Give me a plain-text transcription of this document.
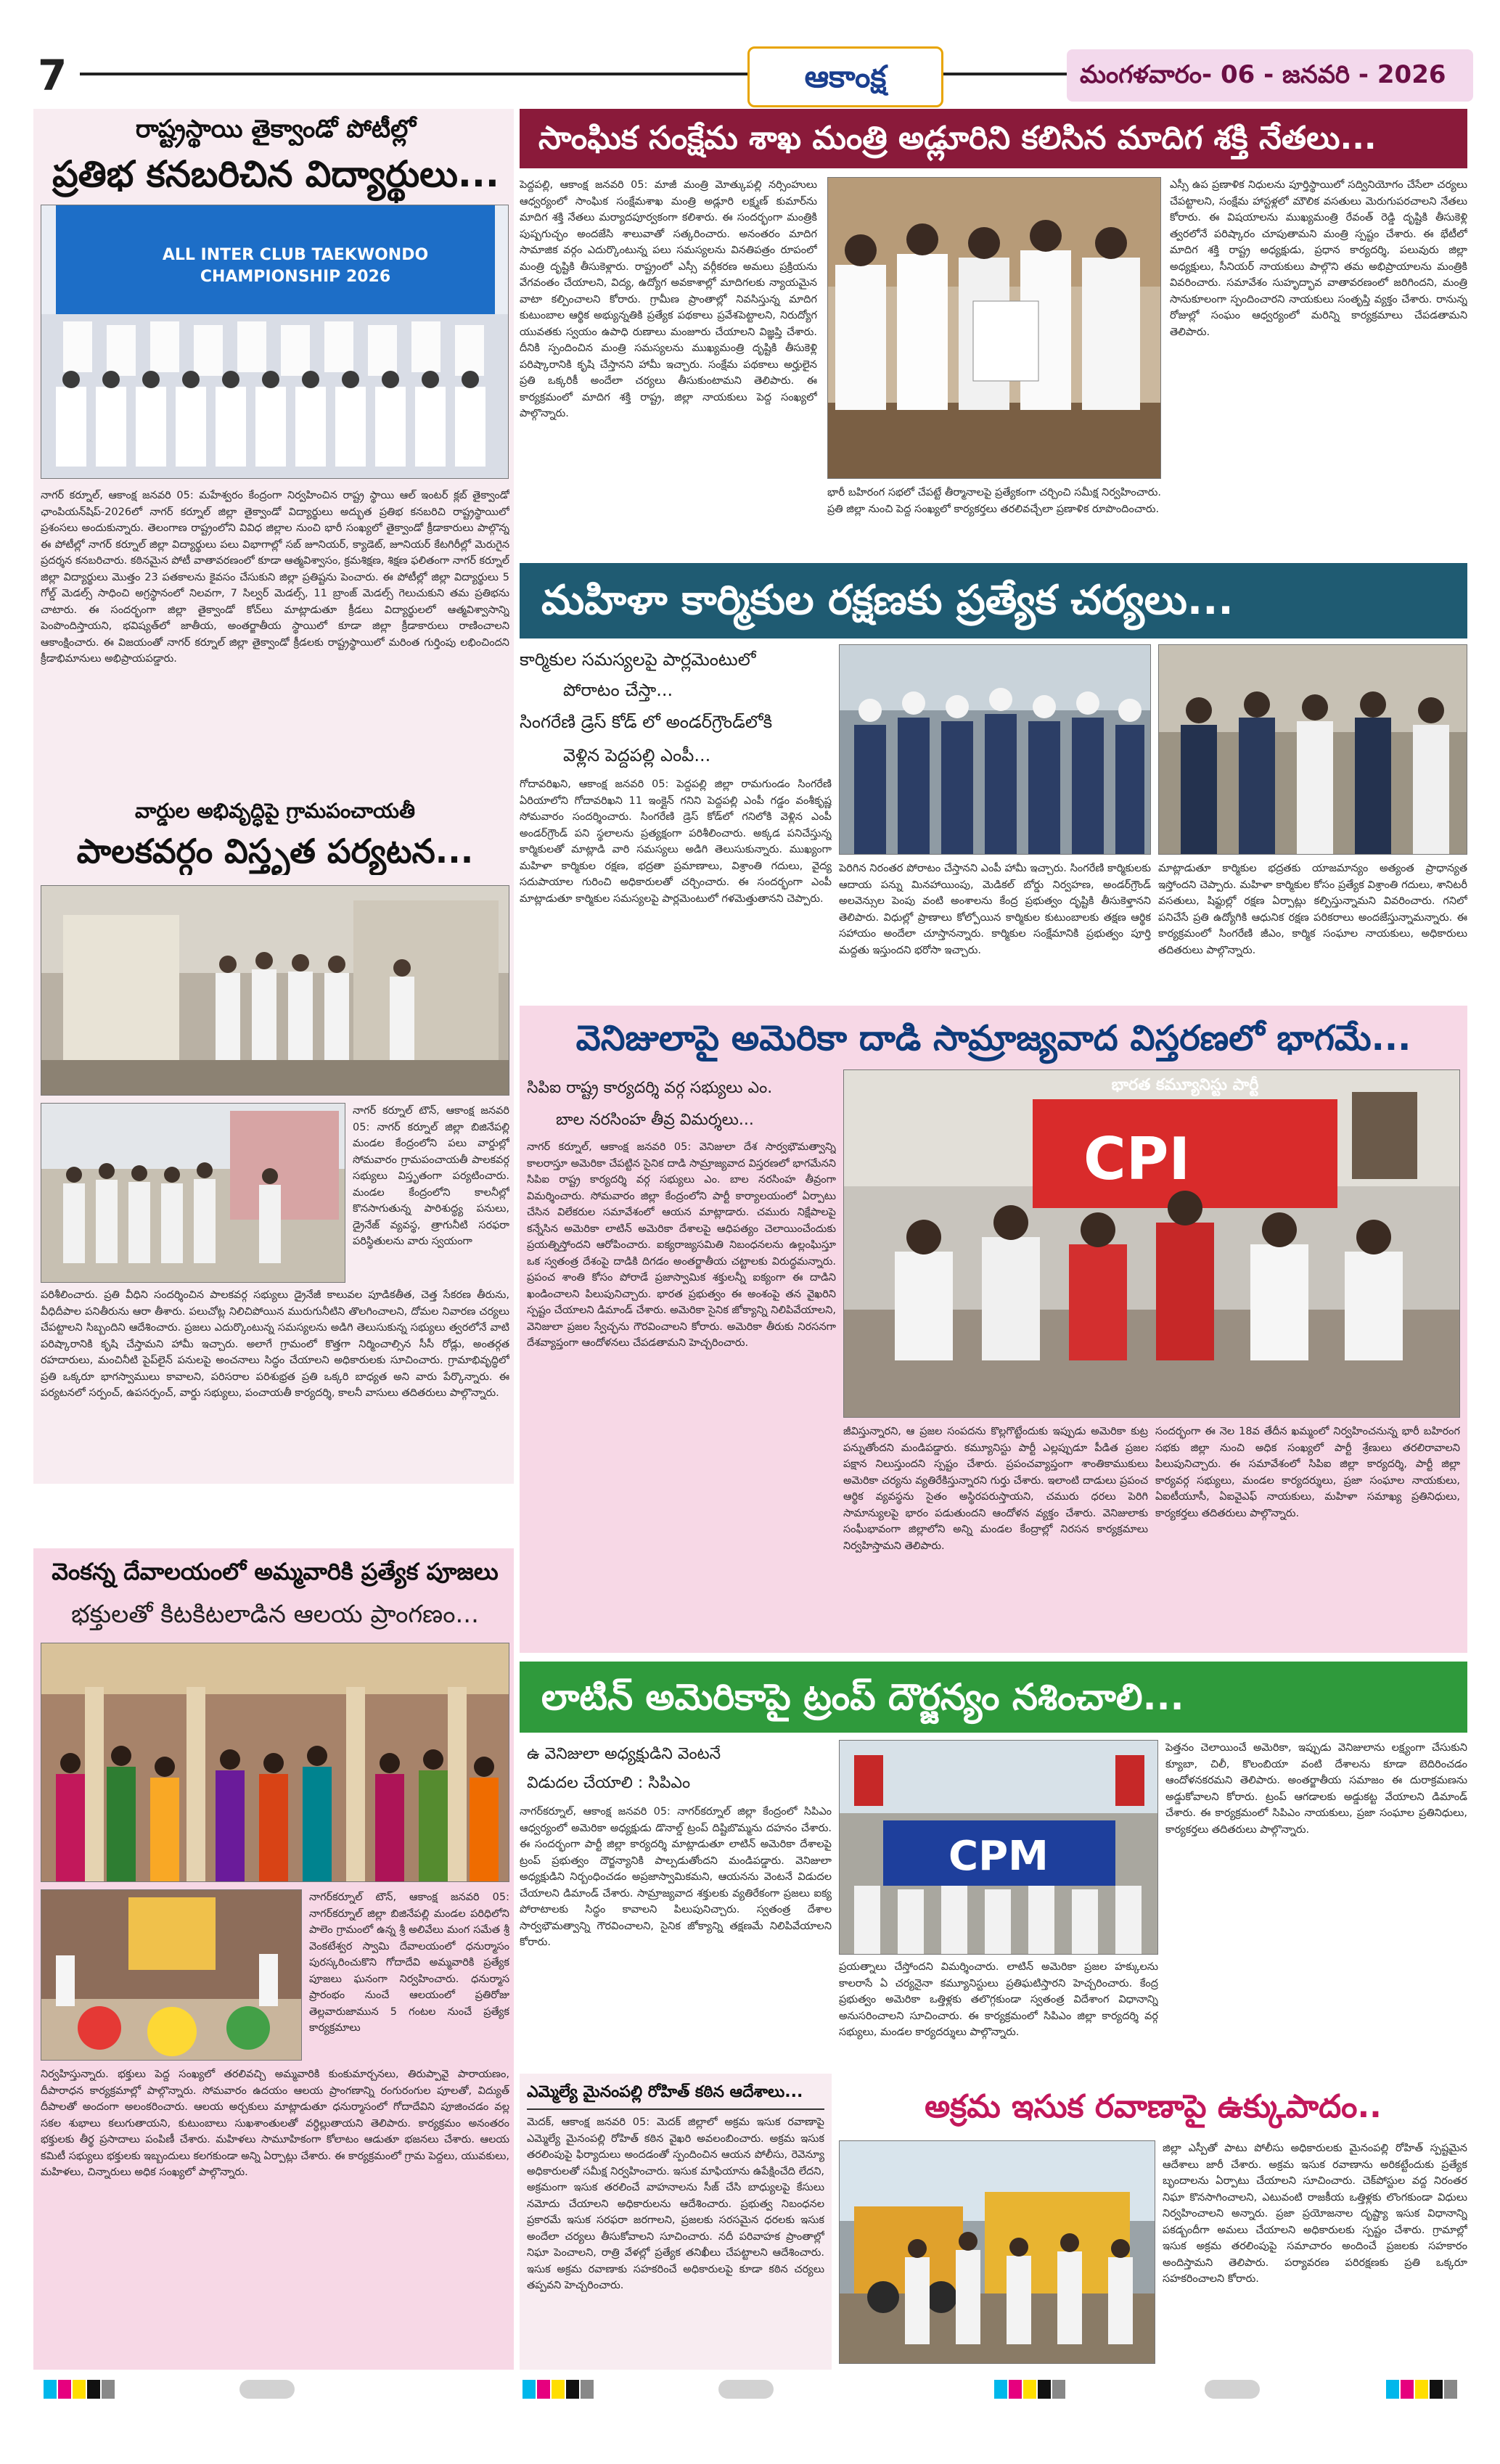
7	ఆకాంక్ష	మంగళవారం- 06 - జనవరి - 2026
రాష్ట్రస్థాయి తైక్వాండో పోటీల్లో
ప్రతిభ కనబరిచిన విద్యార్థులు...
ALL INTER CLUB TAEKWONDO CHAMPIONSHIP 2026
నాగర్ కర్నూల్, ఆకాంక్ష జనవరి 05: మహేశ్వరం కేంద్రంగా నిర్వహించిన రాష్ట్ర స్థాయి ఆల్ ఇంటర్ క్లబ్ తైక్వాండో ఛాంపియన్‌షిప్-2026లో నాగర్ కర్నూల్ జిల్లా తైక్వాండో విద్యార్థులు అద్భుత ప్రతిభ కనబరిచి రాష్ట్రస్థాయిలో ప్రశంసలు అందుకున్నారు. తెలంగాణ రాష్ట్రంలోని వివిధ జిల్లాల నుంచి భారీ సంఖ్యలో తైక్వాండో క్రీడాకారులు పాల్గొన్న ఈ పోటీల్లో నాగర్ కర్నూల్ జిల్లా విద్యార్థులు పలు విభాగాల్లో సబ్ జూనియర్, క్యాడెట్, జూనియర్ కేటగిరీల్లో మెరుగైన ప్రదర్శన కనబరిచారు. కఠినమైన పోటీ వాతావరణంలో కూడా ఆత్మవిశ్వాసం, క్రమశిక్షణ, శిక్షణ ఫలితంగా నాగర్ కర్నూల్ జిల్లా విద్యార్థులు మొత్తం 23 పతకాలను కైవసం చేసుకుని జిల్లా ప్రతిష్టను పెంచారు. ఈ పోటీల్లో జిల్లా విద్యార్థులు 5 గోల్డ్ మెడల్స్ సాధించి అగ్రస్థానంలో నిలవగా, 7 సిల్వర్ మెడల్స్, 11 బ్రాంజ్ మెడల్స్ గెలుచుకుని తమ ప్రతిభను చాటారు. ఈ సందర్భంగా జిల్లా తైక్వాండో కోచ్‌లు మాట్లాడుతూ క్రీడలు విద్యార్థులలో ఆత్మవిశ్వాసాన్ని పెంపొందిస్తాయని, భవిష్యత్‌లో జాతీయ, అంతర్జాతీయ స్థాయిలో కూడా జిల్లా క్రీడాకారులు రాణించాలని ఆకాంక్షించారు. ఈ విజయంతో నాగర్ కర్నూల్ జిల్లా తైక్వాండో క్రీడలకు రాష్ట్రస్థాయిలో మరింత గుర్తింపు లభించిందని క్రీడాభిమానులు అభిప్రాయపడ్డారు.
వార్డుల అభివృద్ధిపై గ్రామపంచాయతీ
పాలకవర్గం విస్తృత పర్యటన...
నాగర్ కర్నూల్ టౌన్, ఆకాంక్ష జనవరి 05: నాగర్ కర్నూల్ జిల్లా బిజినేపల్లి మండల కేంద్రంలోని పలు వార్డుల్లో సోమవారం గ్రామపంచాయతీ పాలకవర్గ సభ్యులు విస్తృతంగా పర్యటించారు. మండల కేంద్రంలోని కాలనీల్లో కొనసాగుతున్న పారిశుద్ధ్య పనులు, డ్రైనేజ్ వ్యవస్థ, త్రాగునీటి సరఫరా పరిస్థితులను వారు స్వయంగా
పరిశీలించారు. ప్రతి వీధిని సందర్శించిన పాలకవర్గ సభ్యులు డ్రైనేజీ కాలువల పూడికతీత, చెత్త సేకరణ తీరును, వీధిదీపాల పనితీరును ఆరా తీశారు. పలుచోట్ల నిలిచిపోయిన మురుగునీటిని తొలగించాలని, దోమల నివారణ చర్యలు చేపట్టాలని సిబ్బందిని ఆదేశించారు. ప్రజలు ఎదుర్కొంటున్న సమస్యలను అడిగి తెలుసుకున్న సభ్యులు త్వరలోనే వాటి పరిష్కారానికి కృషి చేస్తామని హామీ ఇచ్చారు. అలాగే గ్రామంలో కొత్తగా నిర్మించాల్సిన సీసీ రోడ్లు, అంతర్గత రహదారులు, మంచినీటి పైప్‌లైన్ పనులపై అంచనాలు సిద్ధం చేయాలని అధికారులకు సూచించారు. గ్రామాభివృద్ధిలో ప్రతి ఒక్కరూ భాగస్వాములు కావాలని, పరిసరాల పరిశుభ్రత ప్రతి ఒక్కరి బాధ్యత అని వారు పేర్కొన్నారు. ఈ పర్యటనలో సర్పంచ్, ఉపసర్పంచ్, వార్డు సభ్యులు, పంచాయతీ కార్యదర్శి, కాలనీ వాసులు తదితరులు పాల్గొన్నారు.
వెంకన్న దేవాలయంలో అమ్మవారికి ప్రత్యేక పూజలు
భక్తులతో కిటకిటలాడిన ఆలయ ప్రాంగణం...
నాగర్‌కర్నూల్ టౌన్, ఆకాంక్ష జనవరి 05: నాగర్‌కర్నూల్ జిల్లా బిజినేపల్లి మండల పరిధిలోని పాలెం గ్రామంలో ఉన్న శ్రీ అలివేలు మంగ సమేత శ్రీ వెంకటేశ్వర స్వామి దేవాలయంలో ధనుర్మాసం పురస్కరించుకొని గోదాదేవి అమ్మవారికి ప్రత్యేక పూజలు ఘనంగా నిర్వహించారు. ధనుర్మాస ప్రారంభం నుంచే ఆలయంలో ప్రతిరోజు తెల్లవారుజామున 5 గంటల నుంచే ప్రత్యేక కార్యక్రమాలు
నిర్వహిస్తున్నారు. భక్తులు పెద్ద సంఖ్యలో తరలివచ్చి అమ్మవారికి కుంకుమార్చనలు, తిరుప్పావై పారాయణం, దీపారాధన కార్యక్రమాల్లో పాల్గొన్నారు. సోమవారం ఉదయం ఆలయ ప్రాంగణాన్ని రంగురంగుల పూలతో, విద్యుత్ దీపాలతో అందంగా అలంకరించారు. ఆలయ అర్చకులు మాట్లాడుతూ ధనుర్మాసంలో గోదాదేవిని పూజించడం వల్ల సకల శుభాలు కలుగుతాయని, కుటుంబాలు సుఖశాంతులతో వర్ధిల్లుతాయని తెలిపారు. కార్యక్రమం అనంతరం భక్తులకు తీర్థ ప్రసాదాలు పంపిణీ చేశారు. మహిళలు సామూహికంగా కోలాటం ఆడుతూ భజనలు చేశారు. ఆలయ కమిటీ సభ్యులు భక్తులకు ఇబ్బందులు కలగకుండా అన్ని ఏర్పాట్లు చేశారు. ఈ కార్యక్రమంలో గ్రామ పెద్దలు, యువకులు, మహిళలు, చిన్నారులు అధిక సంఖ్యలో పాల్గొన్నారు.
సాంఘిక సంక్షేమ శాఖ మంత్రి అడ్లూరిని కలిసిన మాదిగ శక్తి నేతలు...
పెద్దపల్లి, ఆకాంక్ష జనవరి 05: మాజీ మంత్రి మోత్కుపల్లి నర్సింహులు ఆధ్వర్యంలో సాంఘిక సంక్షేమశాఖ మంత్రి అడ్లూరి లక్ష్మణ్ కుమార్‌ను మాదిగ శక్తి నేతలు మర్యాదపూర్వకంగా కలిశారు. ఈ సందర్భంగా మంత్రికి పుష్పగుచ్ఛం అందజేసి శాలువాతో సత్కరించారు. అనంతరం మాదిగ సామాజిక వర్గం ఎదుర్కొంటున్న పలు సమస్యలను వినతిపత్రం రూపంలో మంత్రి దృష్టికి తీసుకెళ్లారు. రాష్ట్రంలో ఎస్సీ వర్గీకరణ అమలు ప్రక్రియను వేగవంతం చేయాలని, విద్య, ఉద్యోగ అవకాశాల్లో మాదిగలకు న్యాయమైన వాటా కల్పించాలని కోరారు. గ్రామీణ ప్రాంతాల్లో నివసిస్తున్న మాదిగ కుటుంబాల ఆర్థిక అభ్యున్నతికి ప్రత్యేక పథకాలు ప్రవేశపెట్టాలని, నిరుద్యోగ యువతకు స్వయం ఉపాధి రుణాలు మంజూరు చేయాలని విజ్ఞప్తి చేశారు. దీనికి స్పందించిన మంత్రి సమస్యలను ముఖ్యమంత్రి దృష్టికి తీసుకెళ్లి పరిష్కారానికి కృషి చేస్తానని హామీ ఇచ్చారు. సంక్షేమ పథకాలు అర్హులైన ప్రతి ఒక్కరికీ అందేలా చర్యలు తీసుకుంటామని తెలిపారు. ఈ కార్యక్రమంలో మాదిగ శక్తి రాష్ట్ర, జిల్లా నాయకులు పెద్ద సంఖ్యలో పాల్గొన్నారు.
భారీ బహిరంగ సభలో చేపట్టే తీర్మానాలపై ప్రత్యేకంగా చర్చించి సమీక్ష నిర్వహించారు. ప్రతి జిల్లా నుంచి పెద్ద సంఖ్యలో కార్యకర్తలు తరలివచ్చేలా ప్రణాళిక రూపొందించారు.
ఎస్సీ ఉప ప్రణాళిక నిధులను పూర్తిస్థాయిలో సద్వినియోగం చేసేలా చర్యలు చేపట్టాలని, సంక్షేమ హాస్టళ్లలో మౌలిక వసతులు మెరుగుపరచాలని నేతలు కోరారు. ఈ విషయాలను ముఖ్యమంత్రి రేవంత్ రెడ్డి దృష్టికి తీసుకెళ్లి త్వరలోనే పరిష్కారం చూపుతామని మంత్రి స్పష్టం చేశారు. ఈ భేటీలో మాదిగ శక్తి రాష్ట్ర అధ్యక్షుడు, ప్రధాన కార్యదర్శి, పలువురు జిల్లా అధ్యక్షులు, సీనియర్ నాయకులు పాల్గొని తమ అభిప్రాయాలను మంత్రికి వివరించారు. సమావేశం సుహృద్భావ వాతావరణంలో జరిగిందని, మంత్రి సానుకూలంగా స్పందించారని నాయకులు సంతృప్తి వ్యక్తం చేశారు. రానున్న రోజుల్లో సంఘం ఆధ్వర్యంలో మరిన్ని కార్యక్రమాలు చేపడతామని తెలిపారు.
మహిళా కార్మికుల రక్షణకు ప్రత్యేక చర్యలు...
కార్మికుల సమస్యలపై పార్లమెంటులో
పోరాటం చేస్తా...
సింగరేణి డ్రెస్ కోడ్ లో అండర్‌గ్రౌండ్‌లోకి
వెళ్లిన పెద్దపల్లి ఎంపీ...
గోదావరిఖని, ఆకాంక్ష జనవరి 05: పెద్దపల్లి జిల్లా రామగుండం సింగరేణి ఏరియాలోని గోదావరిఖని 11 ఇంక్లైన్ గనిని పెద్దపల్లి ఎంపీ గడ్డం వంశీకృష్ణ సోమవారం సందర్శించారు. సింగరేణి డ్రెస్ కోడ్‌లో గనిలోకి వెళ్లిన ఎంపీ అండర్‌గ్రౌండ్ పని స్థలాలను ప్రత్యక్షంగా పరిశీలించారు. అక్కడ పనిచేస్తున్న కార్మికులతో మాట్లాడి వారి సమస్యలు అడిగి తెలుసుకున్నారు. ముఖ్యంగా మహిళా కార్మికుల రక్షణ, భద్రతా ప్రమాణాలు, విశ్రాంతి గదులు, వైద్య సదుపాయాల గురించి అధికారులతో చర్చించారు. ఈ సందర్భంగా ఎంపీ మాట్లాడుతూ కార్మికుల సమస్యలపై పార్లమెంటులో గళమెత్తుతానని చెప్పారు.
పెరిగిన నిరంతర పోరాటం చేస్తానని ఎంపీ హామీ ఇచ్చారు. సింగరేణి కార్మికులకు ఆదాయ పన్ను మినహాయింపు, మెడికల్ బోర్డు నిర్వహణ, అండర్‌గ్రౌండ్ అలవెన్సుల పెంపు వంటి అంశాలను కేంద్ర ప్రభుత్వం దృష్టికి తీసుకెళ్తానని తెలిపారు. విధుల్లో ప్రాణాలు కోల్పోయిన కార్మికుల కుటుంబాలకు తక్షణ ఆర్థిక సహాయం అందేలా చూస్తానన్నారు. కార్మికుల సంక్షేమానికి ప్రభుత్వం పూర్తి మద్దతు ఇస్తుందని భరోసా ఇచ్చారు.
మాట్లాడుతూ కార్మికుల భద్రతకు యాజమాన్యం అత్యంత ప్రాధాన్యత ఇస్తోందని చెప్పారు. మహిళా కార్మికుల కోసం ప్రత్యేక విశ్రాంతి గదులు, శానిటరీ వసతులు, షిఫ్టుల్లో రక్షణ ఏర్పాట్లు కల్పిస్తున్నామని వివరించారు. గనిలో పనిచేసే ప్రతి ఉద్యోగికి ఆధునిక రక్షణ పరికరాలు అందజేస్తున్నామన్నారు. ఈ కార్యక్రమంలో సింగరేణి జీఎం, కార్మిక సంఘాల నాయకులు, అధికారులు తదితరులు పాల్గొన్నారు.
వెనిజులాపై అమెరికా దాడి సామ్రాజ్యవాద విస్తరణలో భాగమే...
సిపిఐ రాష్ట్ర కార్యదర్శి వర్గ సభ్యులు ఎం.
బాల నరసింహ తీవ్ర విమర్శలు...
నాగర్ కర్నూల్, ఆకాంక్ష జనవరి 05: వెనిజులా దేశ సార్వభౌమత్వాన్ని కాలరాస్తూ అమెరికా చేపట్టిన సైనిక దాడి సామ్రాజ్యవాద విస్తరణలో భాగమేనని సిపిఐ రాష్ట్ర కార్యదర్శి వర్గ సభ్యులు ఎం. బాల నరసింహ తీవ్రంగా విమర్శించారు. సోమవారం జిల్లా కేంద్రంలోని పార్టీ కార్యాలయంలో ఏర్పాటు చేసిన విలేకరుల సమావేశంలో ఆయన మాట్లాడారు. చమురు నిక్షేపాలపై కన్నేసిన అమెరికా లాటిన్ అమెరికా దేశాలపై ఆధిపత్యం చెలాయించేందుకు ప్రయత్నిస్తోందని ఆరోపించారు. ఐక్యరాజ్యసమితి నిబంధనలను ఉల్లంఘిస్తూ ఒక స్వతంత్ర దేశంపై దాడికి దిగడం అంతర్జాతీయ చట్టాలకు విరుద్ధమన్నారు. ప్రపంచ శాంతి కోసం పోరాడే ప్రజాస్వామిక శక్తులన్నీ ఐక్యంగా ఈ దాడిని ఖండించాలని పిలుపునిచ్చారు. భారత ప్రభుత్వం ఈ అంశంపై తన వైఖరిని స్పష్టం చేయాలని డిమాండ్ చేశారు. అమెరికా సైనిక జోక్యాన్ని నిలిపివేయాలని, వెనిజులా ప్రజల స్వేచ్ఛను గౌరవించాలని కోరారు. అమెరికా తీరుకు నిరసనగా దేశవ్యాప్తంగా ఆందోళనలు చేపడతామని హెచ్చరించారు.
CPI
భారత కమ్యూనిస్టు పార్టీ
జీవిస్తున్నారని, ఆ ప్రజల సంపదను కొల్లగొట్టేందుకు ఇప్పుడు అమెరికా కుట్ర పన్నుతోందని మండిపడ్డారు. కమ్యూనిస్టు పార్టీ ఎల్లప్పుడూ పీడిత ప్రజల పక్షాన నిలుస్తుందని స్పష్టం చేశారు. ప్రపంచవ్యాప్తంగా శాంతికాముకులు అమెరికా చర్యను వ్యతిరేకిస్తున్నారని గుర్తు చేశారు. ఇలాంటి దాడులు ప్రపంచ ఆర్థిక వ్యవస్థను సైతం అస్థిరపరుస్తాయని, చమురు ధరలు పెరిగి సామాన్యులపై భారం పడుతుందని ఆందోళన వ్యక్తం చేశారు. వెనిజులాకు సంఘీభావంగా జిల్లాలోని అన్ని మండల కేంద్రాల్లో నిరసన కార్యక్రమాలు నిర్వహిస్తామని తెలిపారు.
సందర్భంగా ఈ నెల 18వ తేదీన ఖమ్మంలో నిర్వహించనున్న భారీ బహిరంగ సభకు జిల్లా నుంచి అధిక సంఖ్యలో పార్టీ శ్రేణులు తరలిరావాలని పిలుపునిచ్చారు. ఈ సమావేశంలో సిపిఐ జిల్లా కార్యదర్శి, పార్టీ జిల్లా కార్యవర్గ సభ్యులు, మండల కార్యదర్శులు, ప్రజా సంఘాల నాయకులు, ఏఐటీయూసీ, ఏఐవైఎఫ్ నాయకులు, మహిళా సమాఖ్య ప్రతినిధులు, కార్యకర్తలు తదితరులు పాల్గొన్నారు.
లాటిన్ అమెరికాపై ట్రంప్ దౌర్జన్యం నశించాలి...
ఉ వెనిజులా అధ్యక్షుడిని వెంటనే
విడుదల చేయాలి : సిపిఎం
నాగర్‌కర్నూల్, ఆకాంక్ష జనవరి 05: నాగర్‌కర్నూల్ జిల్లా కేంద్రంలో సిపిఎం ఆధ్వర్యంలో అమెరికా అధ్యక్షుడు డొనాల్డ్ ట్రంప్ దిష్టిబొమ్మను దహనం చేశారు. ఈ సందర్భంగా పార్టీ జిల్లా కార్యదర్శి మాట్లాడుతూ లాటిన్ అమెరికా దేశాలపై ట్రంప్ ప్రభుత్వం దౌర్జన్యానికి పాల్పడుతోందని మండిపడ్డారు. వెనిజులా అధ్యక్షుడిని నిర్బంధించడం అప్రజాస్వామికమని, ఆయనను వెంటనే విడుదల చేయాలని డిమాండ్ చేశారు. సామ్రాజ్యవాద శక్తులకు వ్యతిరేకంగా ప్రజలు ఐక్య పోరాటాలకు సిద్ధం కావాలని పిలుపునిచ్చారు. స్వతంత్ర దేశాల సార్వభౌమత్వాన్ని గౌరవించాలని, సైనిక జోక్యాన్ని తక్షణమే నిలిపివేయాలని కోరారు.
CPM
ప్రయత్నాలు చేస్తోందని విమర్శించారు. లాటిన్ అమెరికా ప్రజల హక్కులను కాలరాసే ఏ చర్యనైనా కమ్యూనిస్టులు ప్రతిఘటిస్తారని హెచ్చరించారు. కేంద్ర ప్రభుత్వం అమెరికా ఒత్తిళ్లకు తలొగ్గకుండా స్వతంత్ర విదేశాంగ విధానాన్ని అనుసరించాలని సూచించారు. ఈ కార్యక్రమంలో సిపిఎం జిల్లా కార్యదర్శి వర్గ సభ్యులు, మండల కార్యదర్శులు పాల్గొన్నారు.
పెత్తనం చెలాయించే అమెరికా, ఇప్పుడు వెనిజులాను లక్ష్యంగా చేసుకుని క్యూబా, చిలీ, కొలంబియా వంటి దేశాలను కూడా బెదిరించడం ఆందోళనకరమని తెలిపారు. అంతర్జాతీయ సమాజం ఈ దురాక్రమణను అడ్డుకోవాలని కోరారు. ట్రంప్ ఆగడాలకు అడ్డుకట్ట వేయాలని డిమాండ్ చేశారు. ఈ కార్యక్రమంలో సిపిఎం నాయకులు, ప్రజా సంఘాల ప్రతినిధులు, కార్యకర్తలు తదితరులు పాల్గొన్నారు.
ఎమ్మెల్యే మైనంపల్లి రోహిత్ కఠిన ఆదేశాలు...
మెదక్, ఆకాంక్ష జనవరి 05: మెదక్ జిల్లాలో అక్రమ ఇసుక రవాణాపై ఎమ్మెల్యే మైనంపల్లి రోహిత్ కఠిన వైఖరి అవలంబించారు. అక్రమ ఇసుక తరలింపుపై ఫిర్యాదులు అందడంతో స్పందించిన ఆయన పోలీసు, రెవెన్యూ అధికారులతో సమీక్ష నిర్వహించారు. ఇసుక మాఫియాను ఉపేక్షించేది లేదని, అక్రమంగా ఇసుక తరలించే వాహనాలను సీజ్ చేసి బాధ్యులపై కేసులు నమోదు చేయాలని అధికారులను ఆదేశించారు. ప్రభుత్వ నిబంధనల ప్రకారమే ఇసుక సరఫరా జరగాలని, ప్రజలకు సరసమైన ధరలకు ఇసుక అందేలా చర్యలు తీసుకోవాలని సూచించారు. నదీ పరివాహక ప్రాంతాల్లో నిఘా పెంచాలని, రాత్రి వేళల్లో ప్రత్యేక తనిఖీలు చేపట్టాలని ఆదేశించారు. ఇసుక అక్రమ రవాణాకు సహకరించే అధికారులపై కూడా కఠిన చర్యలు తప్పవని హెచ్చరించారు.
అక్రమ ఇసుక రవాణాపై ఉక్కుపాదం..
జిల్లా ఎస్పీతో పాటు పోలీసు అధికారులకు మైనంపల్లి రోహిత్ స్పష్టమైన ఆదేశాలు జారీ చేశారు. అక్రమ ఇసుక రవాణాను అరికట్టేందుకు ప్రత్యేక బృందాలను ఏర్పాటు చేయాలని సూచించారు. చెక్‌పోస్టుల వద్ద నిరంతర నిఘా కొనసాగించాలని, ఎటువంటి రాజకీయ ఒత్తిళ్లకు లొంగకుండా విధులు నిర్వహించాలని అన్నారు. ప్రజా ప్రయోజనాల దృష్ట్యా ఇసుక విధానాన్ని పకడ్బందీగా అమలు చేయాలని అధికారులకు స్పష్టం చేశారు. గ్రామాల్లో ఇసుక అక్రమ తరలింపుపై సమాచారం అందించే ప్రజలకు సహకారం అందిస్తామని తెలిపారు. పర్యావరణ పరిరక్షణకు ప్రతి ఒక్కరూ సహకరించాలని కోరారు.
